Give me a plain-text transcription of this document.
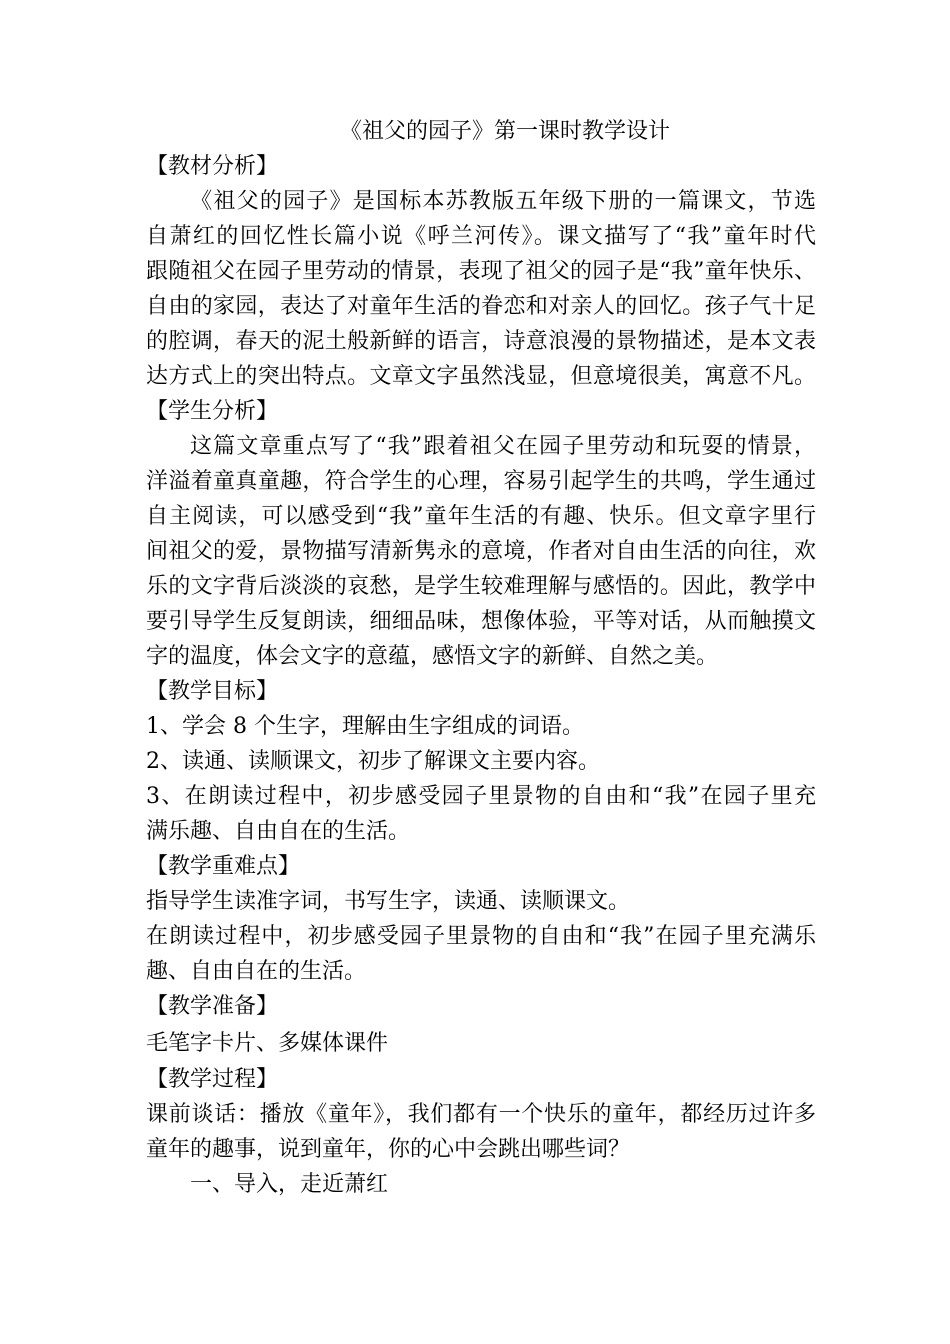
《祖父的园子》第一课时教学设计
【教材分析】
　《祖父的园子》是国标本苏教版五年级下册的一篇课文，节选
自萧红的回忆性长篇小说《呼兰河传》。课文描写了“我”童年时代
跟随祖父在园子里劳动的情景，表现了祖父的园子是“我”童年快乐、
自由的家园，表达了对童年生活的眷恋和对亲人的回忆。孩子气十足
的腔调，春天的泥土般新鲜的语言，诗意浪漫的景物描述，是本文表
达方式上的突出特点。文章文字虽然浅显，但意境很美，寓意不凡。
【学生分析】
这篇文章重点写了“我”跟着祖父在园子里劳动和玩耍的情景，
洋溢着童真童趣，符合学生的心理，容易引起学生的共鸣，学生通过
自主阅读，可以感受到“我”童年生活的有趣、快乐。但文章字里行
间祖父的爱，景物描写清新隽永的意境，作者对自由生活的向往，欢
乐的文字背后淡淡的哀愁，是学生较难理解与感悟的。因此，教学中
要引导学生反复朗读，细细品味，想像体验，平等对话，从而触摸文
字的温度，体会文字的意蕴，感悟文字的新鲜、自然之美。
【教学目标】
1、学会 8 个生字，理解由生字组成的词语。
2、读通、读顺课文，初步了解课文主要内容。
3、在朗读过程中，初步感受园子里景物的自由和“我”在园子里充
满乐趣、自由自在的生活。
【教学重难点】
指导学生读准字词，书写生字，读通、读顺课文。
在朗读过程中，初步感受园子里景物的自由和“我”在园子里充满乐
趣、自由自在的生活。
【教学准备】
毛笔字卡片、多媒体课件
【教学过程】
课前谈话：播放《童年》，我们都有一个快乐的童年，都经历过许多
童年的趣事，说到童年，你的心中会跳出哪些词？
一、导入，走近萧红
